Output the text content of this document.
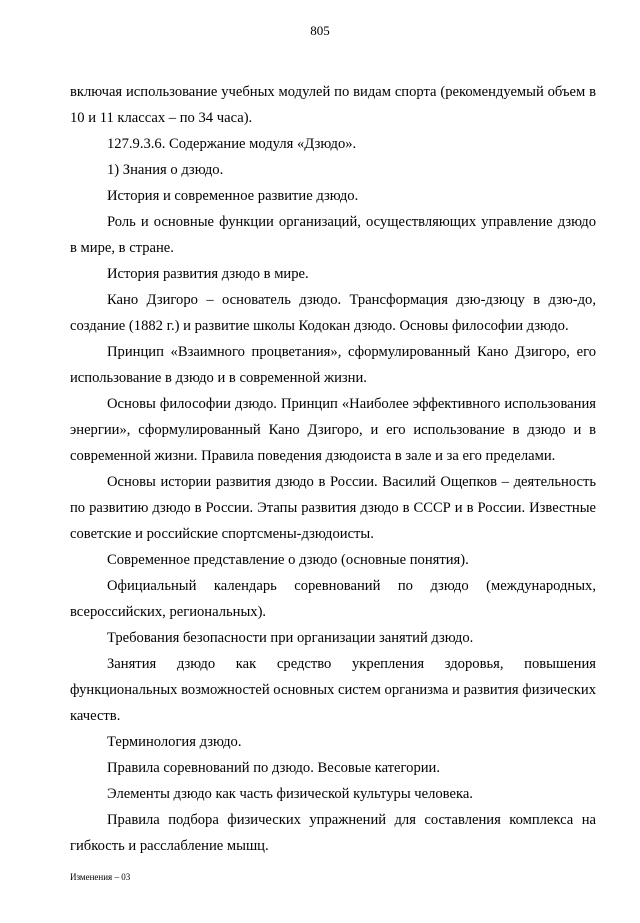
805

включая использование учебных модулей по видам спорта (рекомендуемый объем в 10 и 11 классах – по 34 часа).

127.9.3.6. Содержание модуля «Дзюдо».

1) Знания о дзюдо.

История и современное развитие дзюдо.

Роль и основные функции организаций, осуществляющих управление дзюдо в мире, в стране.

История развития дзюдо в мире.

Кано Дзигоро – основатель дзюдо. Трансформация дзю-дзюцу в дзю-до, создание (1882 г.) и развитие школы Кодокан дзюдо. Основы философии дзюдо.

Принцип «Взаимного процветания», сформулированный Кано Дзигоро, его использование в дзюдо и в современной жизни.

Основы философии дзюдо. Принцип «Наиболее эффективного использования энергии», сформулированный Кано Дзигоро, и его использование в дзюдо и в современной жизни. Правила поведения дзюдоиста в зале и за его пределами.

Основы истории развития дзюдо в России. Василий Ощепков – деятельность по развитию дзюдо в России. Этапы развития дзюдо в СССР и в России. Известные советские и российские спортсмены-дзюдоисты.

Современное представление о дзюдо (основные понятия).

Официальный календарь соревнований по дзюдо (международных, всероссийских, региональных).

Требования безопасности при организации занятий дзюдо.

Занятия дзюдо как средство укрепления здоровья, повышения функциональных возможностей основных систем организма и развития физических качеств.

Терминология дзюдо.

Правила соревнований по дзюдо. Весовые категории.

Элементы дзюдо как часть физической культуры человека.

Правила подбора физических упражнений для составления комплекса на гибкость и расслабление мышц.

Изменения – 03
